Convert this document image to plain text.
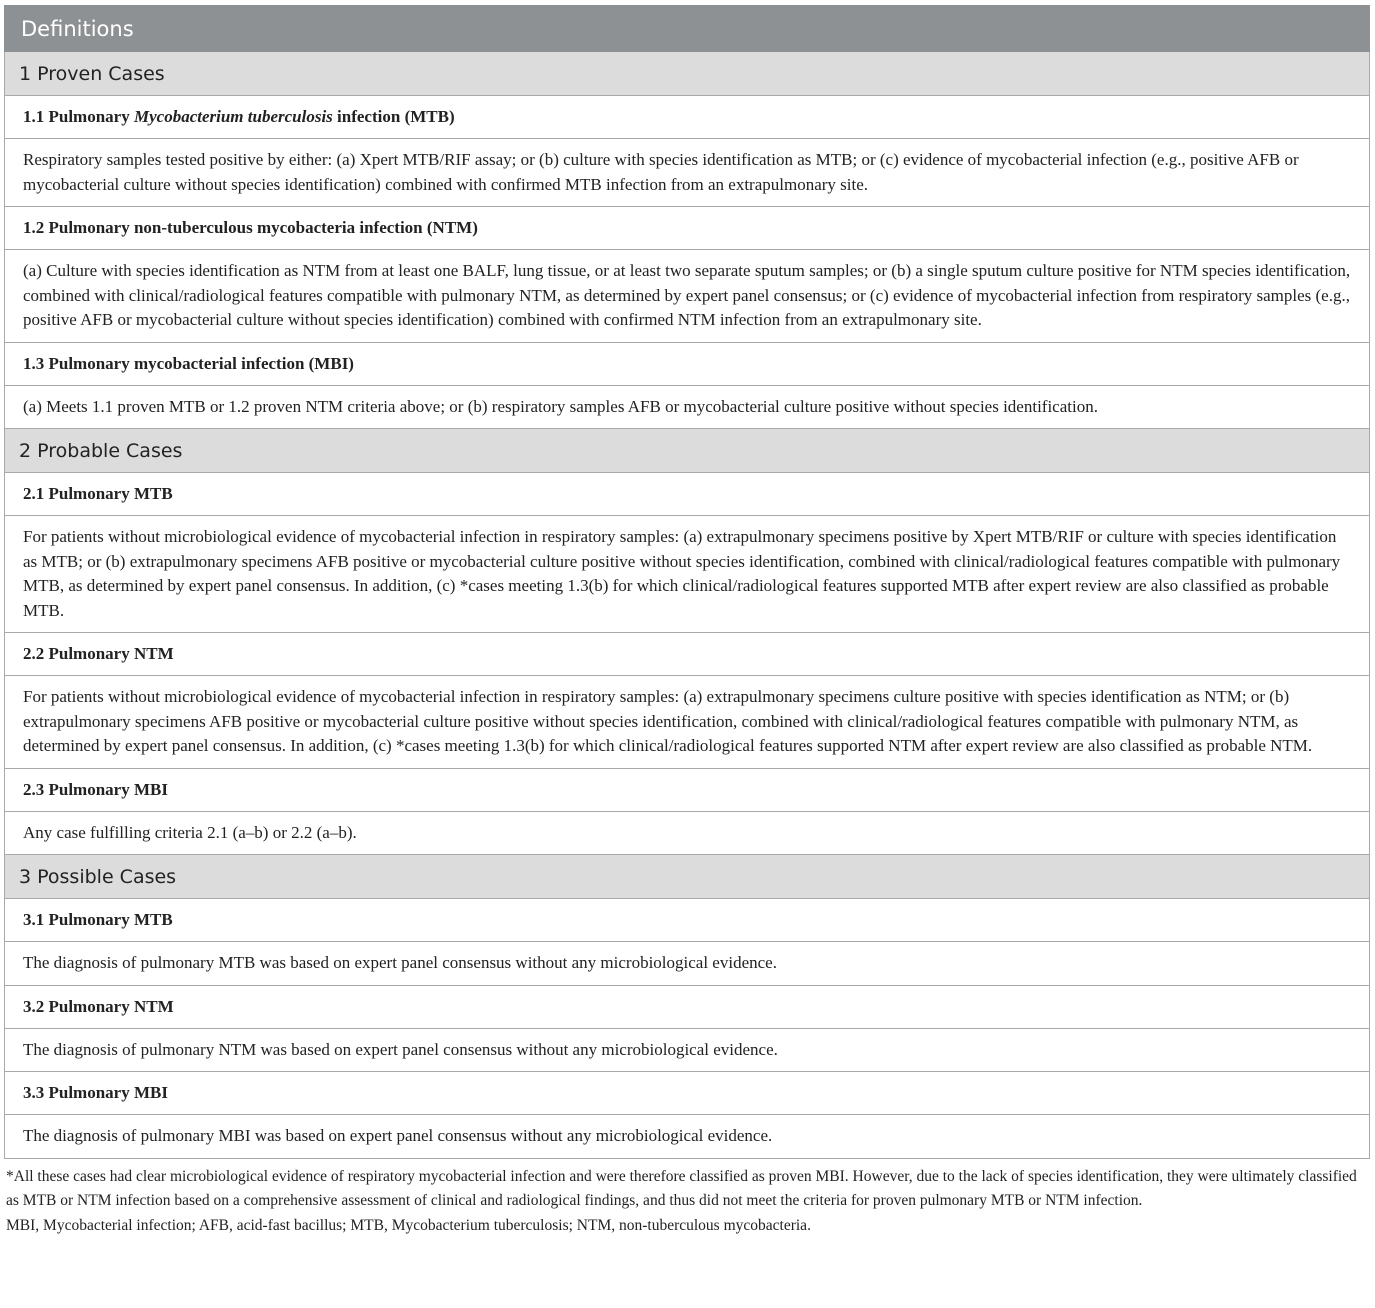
Definitions
1 Proven Cases
1.1 Pulmonary Mycobacterium tuberculosis infection (MTB)
Respiratory samples tested positive by either: (a) Xpert MTB/RIF assay; or (b) culture with species identification as MTB; or (c) evidence of mycobacterial infection (e.g., positive AFB or mycobacterial culture without species identification) combined with confirmed MTB infection from an extrapulmonary site.
1.2 Pulmonary non-tuberculous mycobacteria infection (NTM)
(a) Culture with species identification as NTM from at least one BALF, lung tissue, or at least two separate sputum samples; or (b) a single sputum culture positive for NTM species identification, combined with clinical/radiological features compatible with pulmonary NTM, as determined by expert panel consensus; or (c) evidence of mycobacterial infection from respiratory samples (e.g., positive AFB or mycobacterial culture without species identification) combined with confirmed NTM infection from an extrapulmonary site.
1.3 Pulmonary mycobacterial infection (MBI)
(a) Meets 1.1 proven MTB or 1.2 proven NTM criteria above; or (b) respiratory samples AFB or mycobacterial culture positive without species identification.
2 Probable Cases
2.1 Pulmonary MTB
For patients without microbiological evidence of mycobacterial infection in respiratory samples: (a) extrapulmonary specimens positive by Xpert MTB/RIF or culture with species identification as MTB; or (b) extrapulmonary specimens AFB positive or mycobacterial culture positive without species identification, combined with clinical/radiological features compatible with pulmonary MTB, as determined by expert panel consensus. In addition, (c) *cases meeting 1.3(b) for which clinical/radiological features supported MTB after expert review are also classified as probable MTB.
2.2 Pulmonary NTM
For patients without microbiological evidence of mycobacterial infection in respiratory samples: (a) extrapulmonary specimens culture positive with species identification as NTM; or (b) extrapulmonary specimens AFB positive or mycobacterial culture positive without species identification, combined with clinical/radiological features compatible with pulmonary NTM, as determined by expert panel consensus. In addition, (c) *cases meeting 1.3(b) for which clinical/radiological features supported NTM after expert review are also classified as probable NTM.
2.3 Pulmonary MBI
Any case fulfilling criteria 2.1 (a–b) or 2.2 (a–b).
3 Possible Cases
3.1 Pulmonary MTB
The diagnosis of pulmonary MTB was based on expert panel consensus without any microbiological evidence.
3.2 Pulmonary NTM
The diagnosis of pulmonary NTM was based on expert panel consensus without any microbiological evidence.
3.3 Pulmonary MBI
The diagnosis of pulmonary MBI was based on expert panel consensus without any microbiological evidence.
*All these cases had clear microbiological evidence of respiratory mycobacterial infection and were therefore classified as proven MBI. However, due to the lack of species identification, they were ultimately classified as MTB or NTM infection based on a comprehensive assessment of clinical and radiological findings, and thus did not meet the criteria for proven pulmonary MTB or NTM infection.
MBI, Mycobacterial infection; AFB, acid-fast bacillus; MTB, Mycobacterium tuberculosis; NTM, non-tuberculous mycobacteria.
